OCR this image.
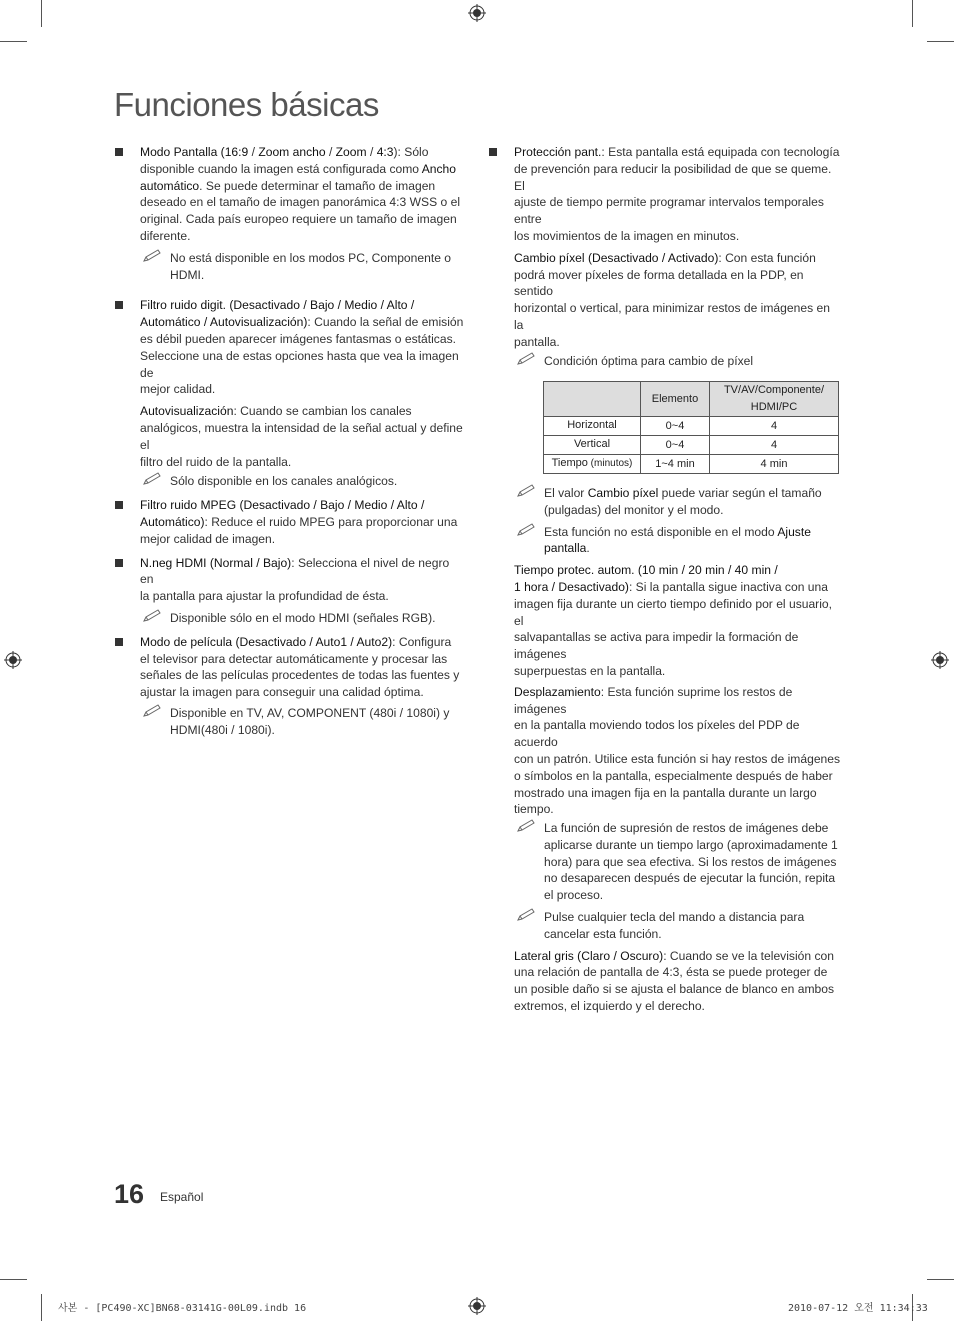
Funciones básicas

Modo Pantalla (16:9 / Zoom ancho / Zoom / 4:3): Sólo

disponible cuando la imagen está configurada como Ancho

automático. Se puede determinar el tamaño de imagen

deseado en el tamaño de imagen panorámica 4:3 WSS o el

original. Cada país europeo requiere un tamaño de imagen

diferente.

No está disponible en los modos PC, Componente o

HDMI.

Filtro ruido digit. (Desactivado / Bajo / Medio / Alto /

Automático / Autovisualización): Cuando la señal de emisión

es débil pueden aparecer imágenes fantasmas o estáticas.

Seleccione una de estas opciones hasta que vea la imagen de

mejor calidad.

Autovisualización: Cuando se cambian los canales

analógicos, muestra la intensidad de la señal actual y define el

filtro del ruido de la pantalla.

Sólo disponible en los canales analógicos.

Filtro ruido MPEG (Desactivado / Bajo / Medio / Alto /

Automático): Reduce el ruido MPEG para proporcionar una

mejor calidad de imagen.

N.neg HDMI (Normal / Bajo): Selecciona el nivel de negro en

la pantalla para ajustar la profundidad de ésta.

Disponible sólo en el modo HDMI (señales RGB).

Modo de película (Desactivado / Auto1 / Auto2): Configura

el televisor para detectar automáticamente y procesar las

señales de las películas procedentes de todas las fuentes y

ajustar la imagen para conseguir una calidad óptima.

Disponible en TV, AV, COMPONENT (480i / 1080i) y

HDMI(480i / 1080i).

Protección pant.: Esta pantalla está equipada con tecnología

de prevención para reducir la posibilidad de que se queme. El

ajuste de tiempo permite programar intervalos temporales entre

los movimientos de la imagen en minutos.

Cambio píxel (Desactivado / Activado): Con esta función

podrá mover píxeles de forma detallada en la PDP, en sentido

horizontal o vertical, para minimizar restos de imágenes en la

pantalla.

Condición óptima para cambio de píxel

	Elemento	TV/AV/Componente/
HDMI/PC
Horizontal	0~4	4
Vertical	0~4	4
Tiempo (minutos)	1~4 min	4 min

El valor Cambio píxel puede variar según el tamaño

(pulgadas) del monitor y el modo.

Esta función no está disponible en el modo Ajuste

pantalla.

Tiempo protec. autom. (10 min / 20 min / 40 min /

1 hora / Desactivado): Si la pantalla sigue inactiva con una

imagen fija durante un cierto tiempo definido por el usuario, el

salvapantallas se activa para impedir la formación de imágenes

superpuestas en la pantalla.

Desplazamiento: Esta función suprime los restos de imágenes

en la pantalla moviendo todos los píxeles del PDP de acuerdo

con un patrón. Utilice esta función si hay restos de imágenes

o símbolos en la pantalla, especialmente después de haber

mostrado una imagen fija en la pantalla durante un largo

tiempo.

La función de supresión de restos de imágenes debe

aplicarse durante un tiempo largo (aproximadamente 1

hora) para que sea efectiva. Si los restos de imágenes

no desaparecen después de ejecutar la función, repita

el proceso.

Pulse cualquier tecla del mando a distancia para

cancelar esta función.

Lateral gris (Claro / Oscuro): Cuando se ve la televisión con

una relación de pantalla de 4:3, ésta se puede proteger de

un posible daño si se ajusta el balance de blanco en ambos

extremos, el izquierdo y el derecho.

16 Español
사본 - [PC490-XC]BN68-03141G-00L09.indb 16	2010-07-12 오전 11:34:33
